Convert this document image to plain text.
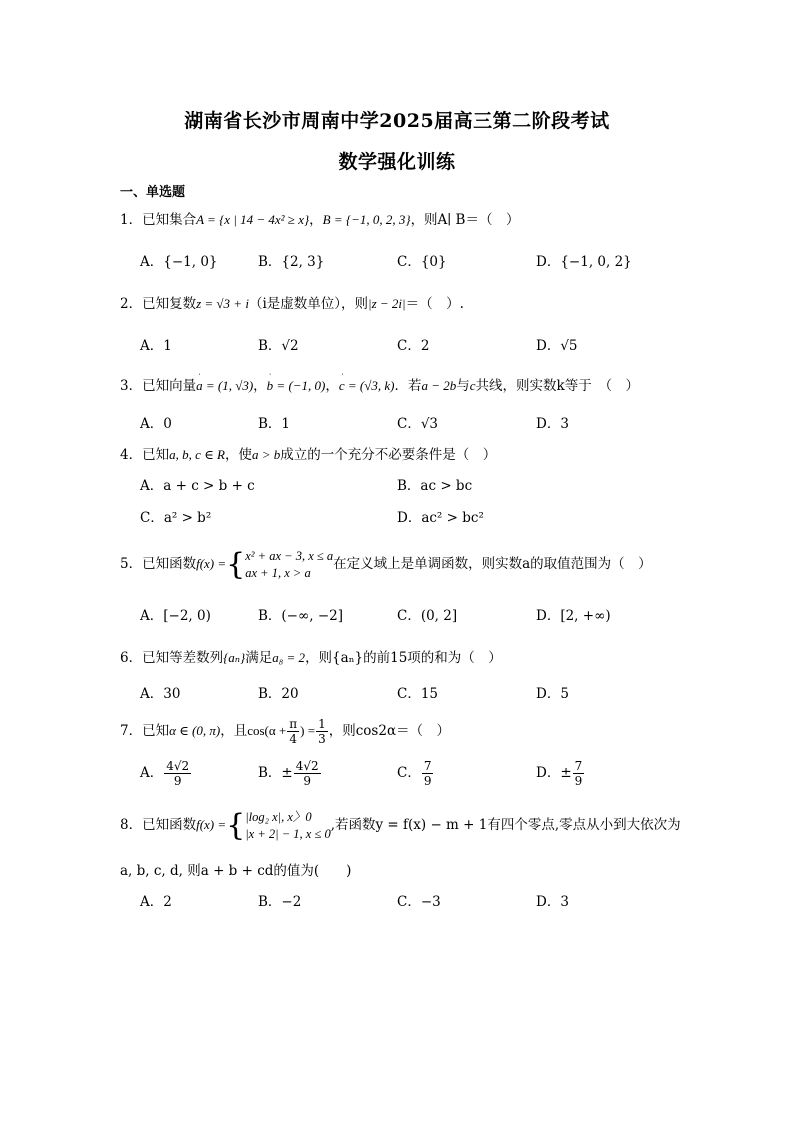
湖南省长沙市周南中学2025届高三第二阶段考试
数学强化训练
一、单选题
1．已知集合A = {x | 14 − 4x² ≥ x}，B = {−1, 0, 2, 3}，则A∣ B＝（　）
A．{−1, 0}	B．{2, 3}	C．{0}	D．{−1, 0, 2}
2．已知复数z = √3 + i（i是虚数单位），则|z − 2i|＝（　）.
A．1	B．√2	C．2	D．√5
3．已知向量ˈ a = (1, √3)，ˈ b = (−1, 0)，ˈ c = (√3, k)．若a − 2b与c共线，则实数k等于　（　）
A．0	B．1	C．√3	D．3
4．已知a, b, c ∈ R，使a > b成立的一个充分不必要条件是（　）
A．a + c > b + c	B．ac > bc
C．a² > b²	D．ac² > bc²
5．已知函数f(x) ={ x² + ax − 3, x ≤ a
ax + 1, x > a
在定义域上是单调函数，则实数a的取值范围为（　）
A．[−2, 0)	B．(−∞, −2]	C．(0, 2]	D．[2, +∞)
6．已知等差数列{aₙ}满足a₈ = 2，则{aₙ}的前15项的和为（　）
A．30	B．20	C．15	D．5
7．已知α ∈ (0, π)，且$\cos(\alpha + \frac{\pi}{4}$ ) = $\frac{1}{3}$ ，则cos2α＝（　）
A． $\frac{4√2}{9}$	B．± $\frac{4√2}{9}$	C． $\frac{7}{9}$	D．± $\frac{7}{9}$
8．已知函数f(x) ={ |log₂ x|, x〉0
|x + 2| − 1, x ≤ 0
,若函数y = f(x) − m + 1有四个零点,零点从小到大依次为
a, b, c, d, 则a + b + cd的值为(　　)
A．2	B．−2	C．−3	D．3
